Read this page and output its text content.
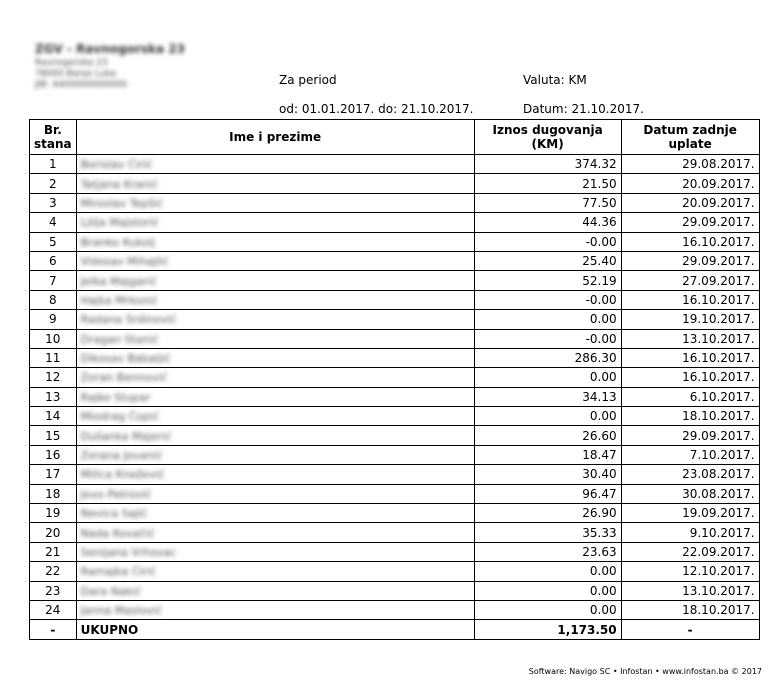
ZGV - Ravnogorska 23
Ravnogorska 23
78000 Banja Luka
JIB: 4400000000000	Za period	Valuta: KM
od: 01.01.2017. do: 21.10.2017.	Datum: 21.10.2017.
Br.
stana	Ime i prezime	Iznos dugovanja (KM)	Datum zadnje uplate
1	Borislav Ćirić	374.32	29.08.2017.
2	Tatjana Kranić	21.50	20.09.2017.
3	Miroslav Tepšić	77.50	20.09.2017.
4	Ljilja Majstorić	44.36	29.09.2017.
5	Branko Kukolj	-0.00	16.10.2017.
6	Vidosav Mihajlić	25.40	29.09.2017.
7	Jelka Majgarić	52.19	27.09.2017.
8	Hajka Mrkonić	-0.00	16.10.2017.
9	Radana Srdinović	0.00	19.10.2017.
10	Dragan Stanić	-0.00	13.10.2017.
11	Dikosav Babaljić	286.30	16.10.2017.
12	Zoran Bennović	0.00	16.10.2017.
13	Rajko Stupar	34.13	6.10.2017.
14	Miodrag Ćopić	0.00	18.10.2017.
15	Dušanka Majerić	26.60	29.09.2017.
16	Zorana Jovanić	18.47	7.10.2017.
17	Milica Knežević	30.40	23.08.2017.
18	Jovo Petrović	96.47	30.08.2017.
19	Nevica Sajić	26.90	19.09.2017.
20	Nada Kovačić	35.33	9.10.2017.
21	Senijana Vrhovac	23.63	22.09.2017.
22	Ramajka Ćirić	0.00	12.10.2017.
23	Dara Nakić	0.00	13.10.2017.
24	Janna Maslović	0.00	18.10.2017.
-	UKUPNO	1,173.50	-
Software: Navigo SC • Infostan • www.infostan.ba © 2017
